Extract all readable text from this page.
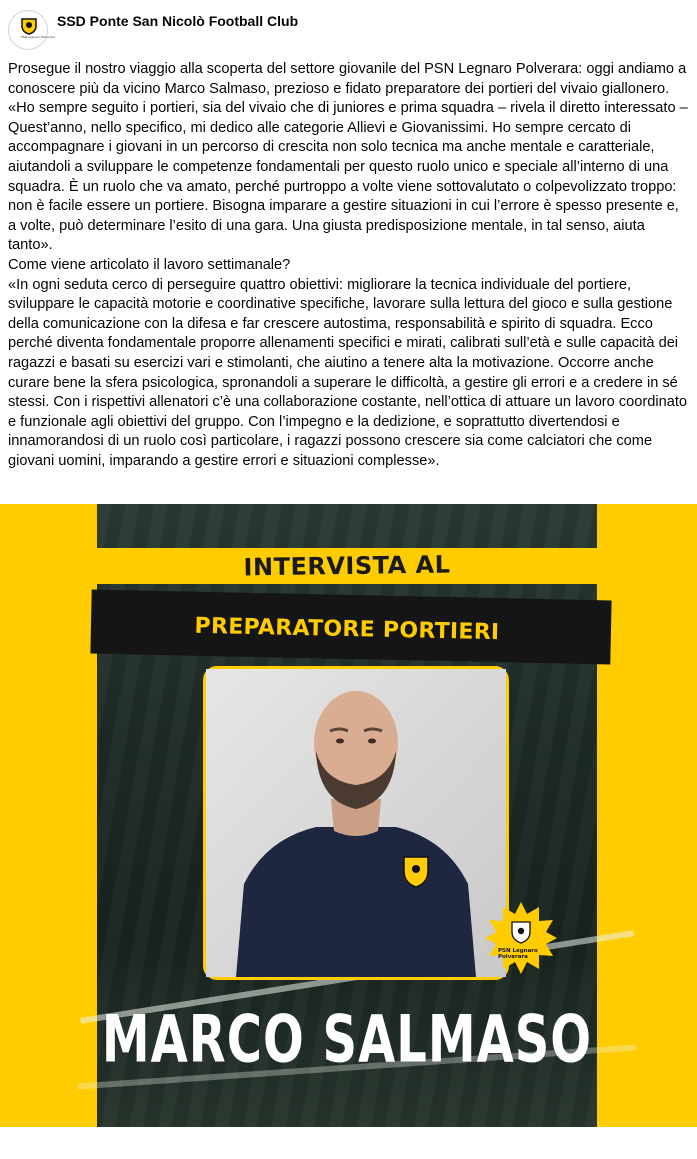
PSN Legnaro Polverara
SSD Ponte San Nicolò Football Club

Prosegue il nostro viaggio alla scoperta del settore giovanile del PSN Legnaro Polverara: oggi andiamo a conoscere più da vicino Marco Salmaso, prezioso e fidato preparatore dei portieri del vivaio giallonero.

«Ho sempre seguito i portieri, sia del vivaio che di juniores e prima squadra – rivela il diretto interessato – Quest’anno, nello specifico, mi dedico alle categorie Allievi e Giovanissimi. Ho sempre cercato di accompagnare i giovani in un percorso di crescita non solo tecnica ma anche mentale e caratteriale, aiutandoli a sviluppare le competenze fondamentali per questo ruolo unico e speciale all’interno di una squadra. È un ruolo che va amato, perché purtroppo a volte viene sottovalutato o colpevolizzato troppo: non è facile essere un portiere. Bisogna imparare a gestire situazioni in cui l’errore è spesso presente e, a volte, può determinare l’esito di una gara. Una giusta predisposizione mentale, in tal senso, aiuta tanto».

Come viene articolato il lavoro settimanale?

«In ogni seduta cerco di perseguire quattro obiettivi: migliorare la tecnica individuale del portiere, sviluppare le capacità motorie e coordinative specifiche, lavorare sulla lettura del gioco e sulla gestione della comunicazione con la difesa e far crescere autostima, responsabilità e spirito di squadra. Ecco perché diventa fondamentale proporre allenamenti specifici e mirati, calibrati sull’età e sulle capacità dei ragazzi e basati su esercizi vari e stimolanti, che aiutino a tenere alta la motivazione. Occorre anche curare bene la sfera psicologica, spronandoli a superare le difficoltà, a gestire gli errori e a credere in sé stessi. Con i rispettivi allenatori c’è una collaborazione costante, nell’ottica di attuare un lavoro coordinato e funzionale agli obiettivi del gruppo. Con l’impegno e la dedizione, e soprattutto divertendosi e innamorandosi di un ruolo così particolare, i ragazzi possono crescere sia come calciatori che come giovani uomini, imparando a gestire errori e situazioni complesse».

INTERVISTA AL
PREPARATORE PORTIERI
PSN Legnaro Polverara
MARCO SALMASO
